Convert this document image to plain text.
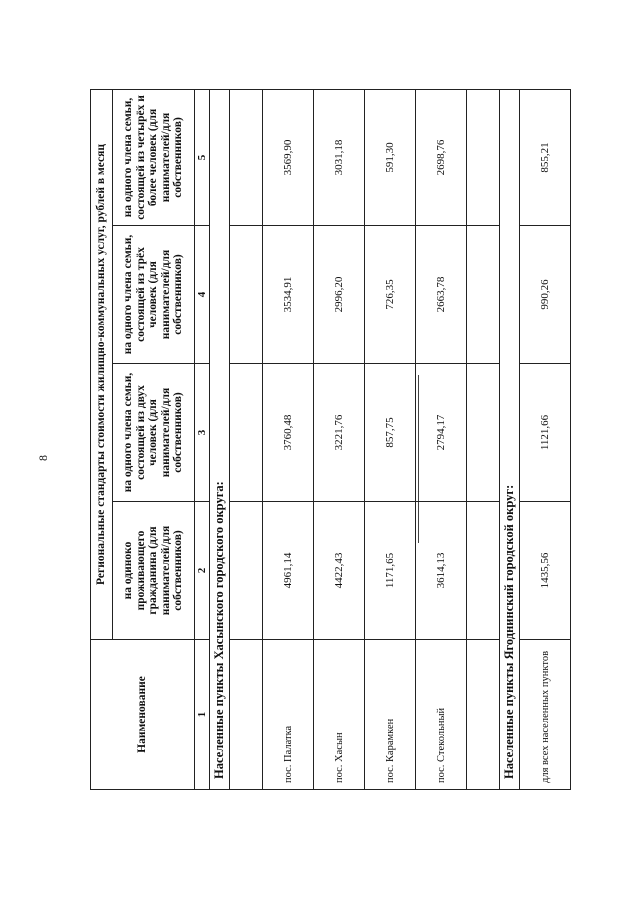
8
Наименование	Региональные стандарты стоимости жилищно-коммунальных услуг, рублей в месяц			
	на одиноко проживающего гражданина (для нанимателей/для собственников)	на одного члена семьи, состоящей из двух человек (для нанимателей/для собственников)	на одного члена семьи, состоящей из трёх человек (для нанимателей/для собственников)	на одного члена семьи, состоящей из четырёх и более человек (для нанимателей/для собственников)
1	2	3	4	5
Населенные пункты Хасынского городского округа:				

пос. Палатка	4961,14	3760,48	3534,91	3569,90
пос. Хасын	4422,43	3221,76	2996,20	3031,18
пос. Карамкен	1171,65	857,75	726,35	591,30
пос. Стекольный	3614,13	2794,17	2663,78	2698,76

Населенные пункты Ягоднинский городской округ:				
для всех населенных пунктов	1435,56	1121,66	990,26	855,21
